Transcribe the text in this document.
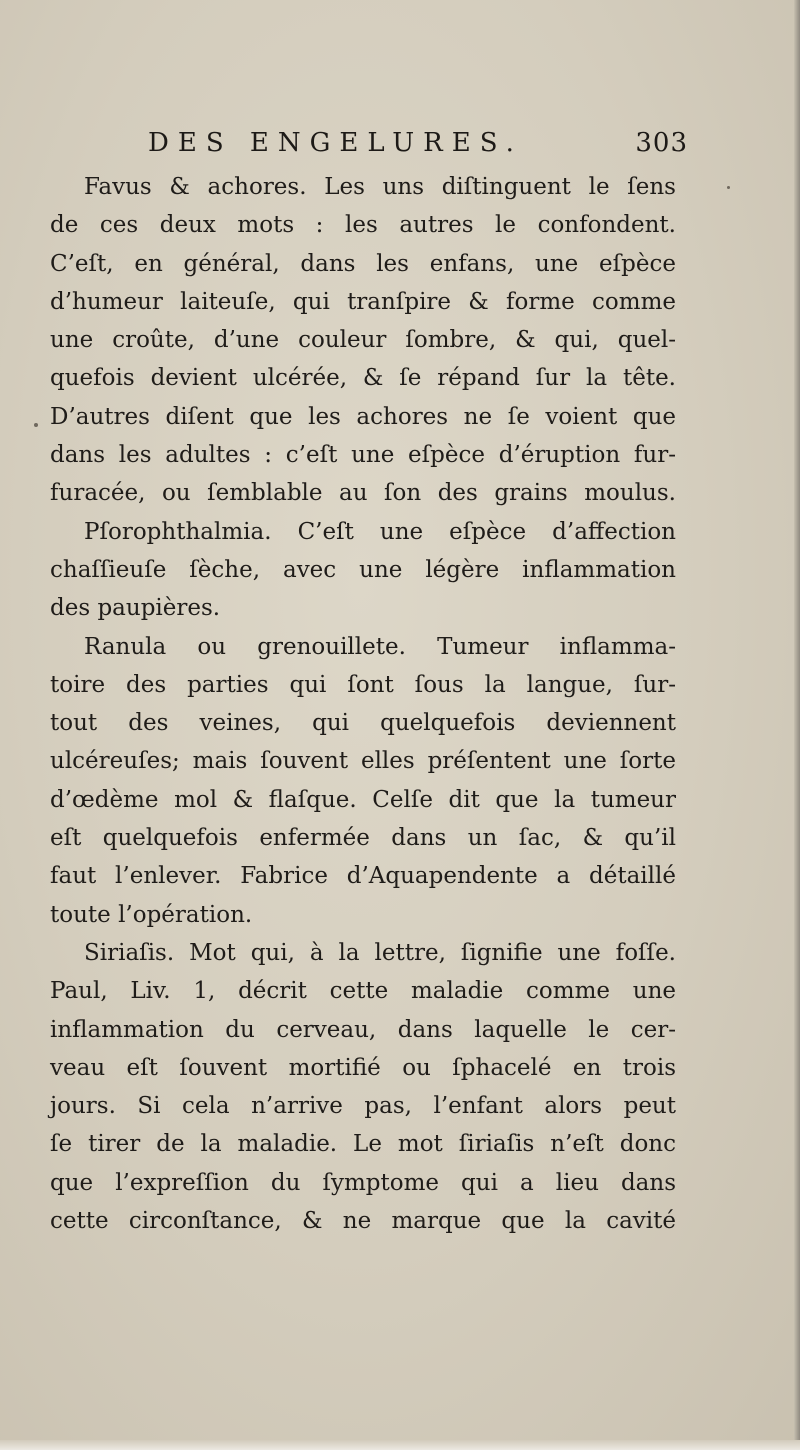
DES ENGELURES.	303
Favus & achores. Les uns diſtinguent le ſens
de ces deux mots : les autres le confondent.
C’eſt, en général, dans les enfans, une eſpèce
d’humeur laiteuſe, qui tranſpire & forme comme
une croûte, d’une couleur ſombre, & qui, quel-
quefois devient ulcérée, & ſe répand ſur la tête.
D’autres diſent que les achores ne ſe voient que
dans les adultes : c’eſt une eſpèce d’éruption fur-
furacée, ou ſemblable au ſon des grains moulus.
Pſorophthalmia. C’eſt une eſpèce d’affection
chaſſieuſe ſèche, avec une légère inflammation
des paupières.
Ranula ou grenouillete. Tumeur inflamma-
toire des parties qui ſont ſous la langue, ſur-
tout des veines, qui quelquefois deviennent
ulcéreuſes; mais ſouvent elles préſentent une ſorte
d’œdème mol & flaſque. Celſe dit que la tumeur
eſt quelquefois enfermée dans un ſac, & qu’il
faut l’enlever. Fabrice d’Aquapendente a détaillé
toute l’opération.
Siriaſis. Mot qui, à la lettre, ſignifie une foſſe.
Paul, Liv. 1, décrit cette maladie comme une
inflammation du cerveau, dans laquelle le cer-
veau eſt ſouvent mortifié ou ſphacelé en trois
jours. Si cela n’arrive pas, l’enfant alors peut
ſe tirer de la maladie. Le mot ſiriaſis n’eſt donc
que l’expreſſion du ſymptome qui a lieu dans
cette circonſtance, & ne marque que la cavité
